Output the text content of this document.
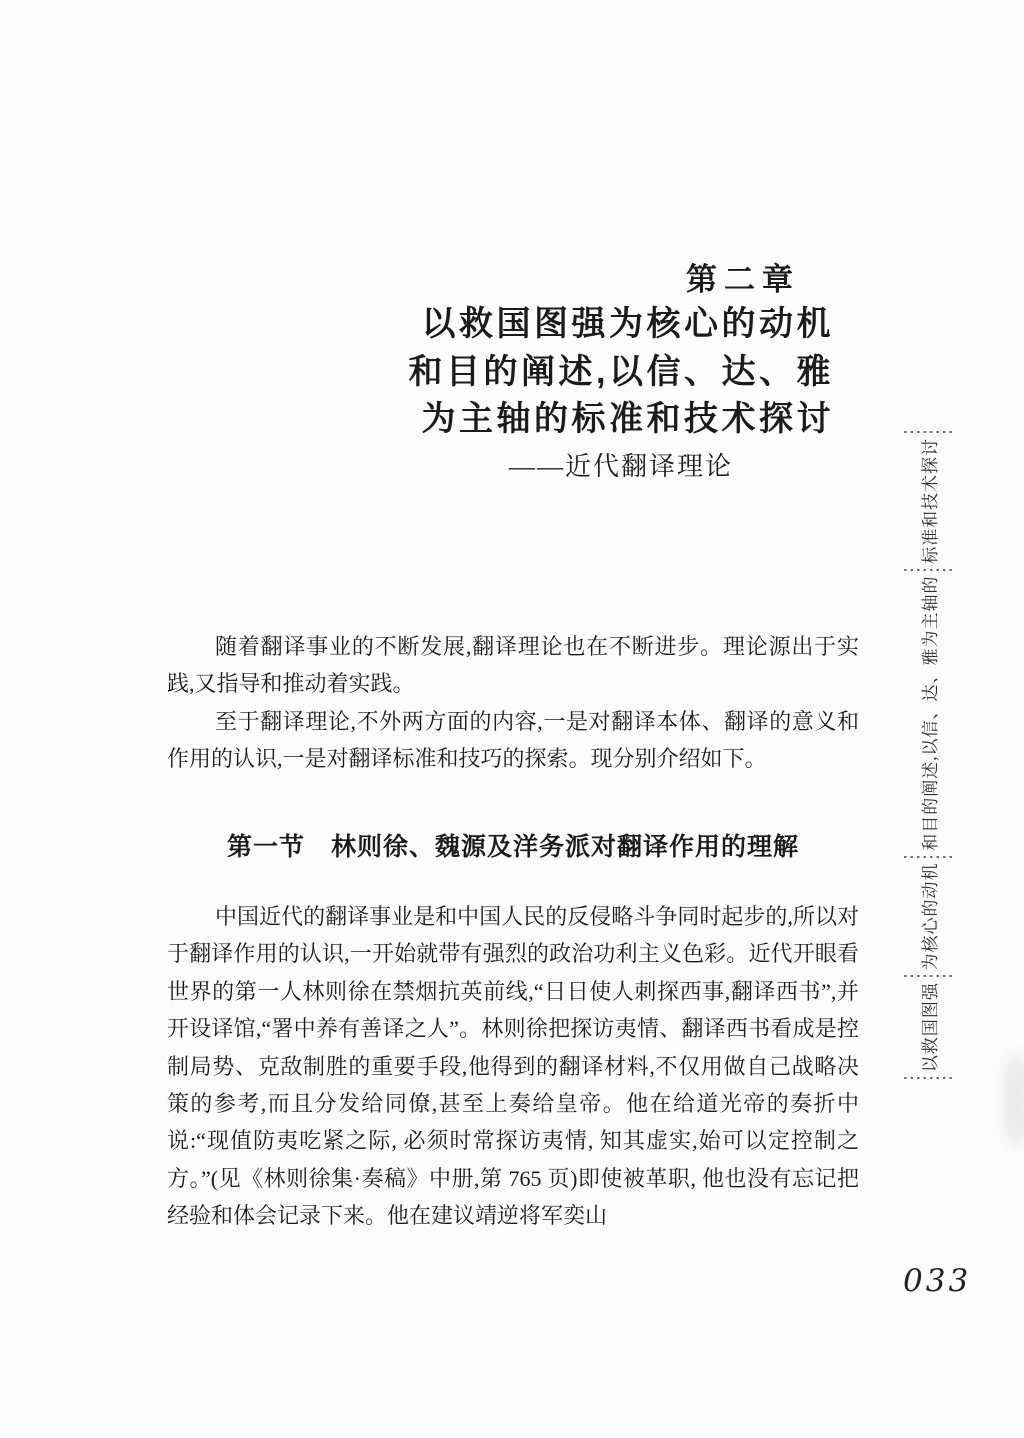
第二章
以救国图强为核心的动机
和目的阐述,以信、达、雅
为主轴的标准和技术探讨
——近代翻译理论

随着翻译事业的不断发展,翻译理论也在不断进步。理论源出于实践,又指导和推动着实践。

至于翻译理论,不外两方面的内容,一是对翻译本体、翻译的意义和作用的认识,一是对翻译标准和技巧的探索。现分别介绍如下。

第一节 林则徐、魏源及洋务派对翻译作用的理解

中国近代的翻译事业是和中国人民的反侵略斗争同时起步的,所以对于翻译作用的认识,一开始就带有强烈的政治功利主义色彩。近代开眼看世界的第一人林则徐在禁烟抗英前线,“日日使人刺探西事,翻译西书”,并开设译馆,“署中养有善译之人”。林则徐把探访夷情、翻译西书看成是控制局势、克敌制胜的重要手段,他得到的翻译材料,不仅用做自己战略决策的参考,而且分发给同僚,甚至上奏给皇帝。他在给道光帝的奏折中说:“现值防夷吃紧之际, 必须时常探访夷情, 知其虚实,始可以定控制之方。”(见《林则徐集·奏稿》中册,第 765 页)即使被革职, 他也没有忘记把经验和体会记录下来。他在建议靖逆将军奕山

以救国图强
为核心的动机
和目的阐述,以信、达、雅为主轴的
标准和技术探讨
033
